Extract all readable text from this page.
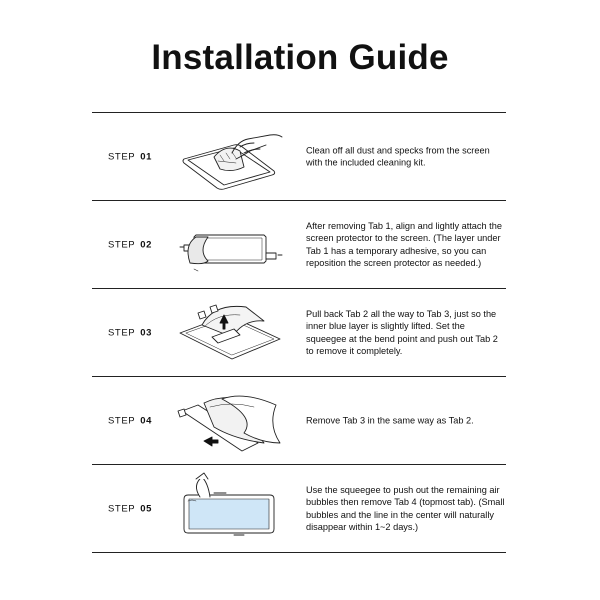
Installation Guide
STEP 01
Clean off all dust and specks from the screen with the included cleaning kit.
STEP 02
After removing Tab 1, align and lightly attach the screen protector to the screen. (The layer under Tab 1 has a temporary adhesive, so you can reposition the screen protector as needed.)
STEP 03
Pull back Tab 2 all the way to Tab 3, just so the inner blue layer is slightly lifted. Set the squeegee at the bend point and push out Tab 2 to remove it completely.
STEP 04	Remove Tab 3 in the same way as Tab 2.
STEP 05
Use the squeegee to push out the remaining air bubbles then remove Tab 4 (topmost tab). (Small bubbles and the line in the center will naturally disappear within 1~2 days.)
